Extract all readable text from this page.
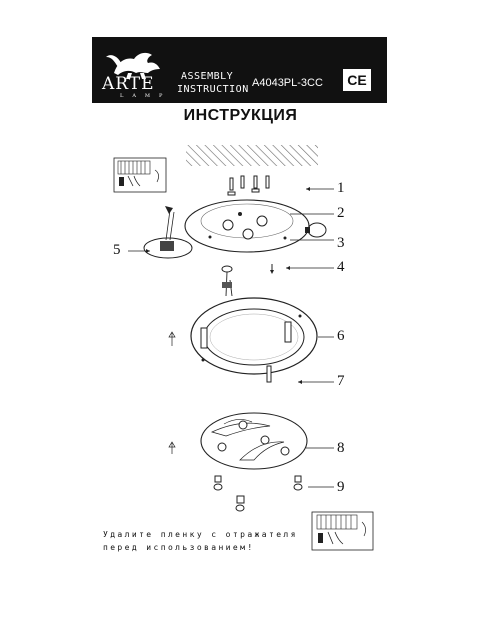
ARTE
LAMP
ASSEMBLY
INSTRUCTION
A4043PL-3CC	CE
ИНСТРУКЦИЯ
1
2
3
4
5
6
7
8
9
Удалите пленку с отражателя
перед использованием!
